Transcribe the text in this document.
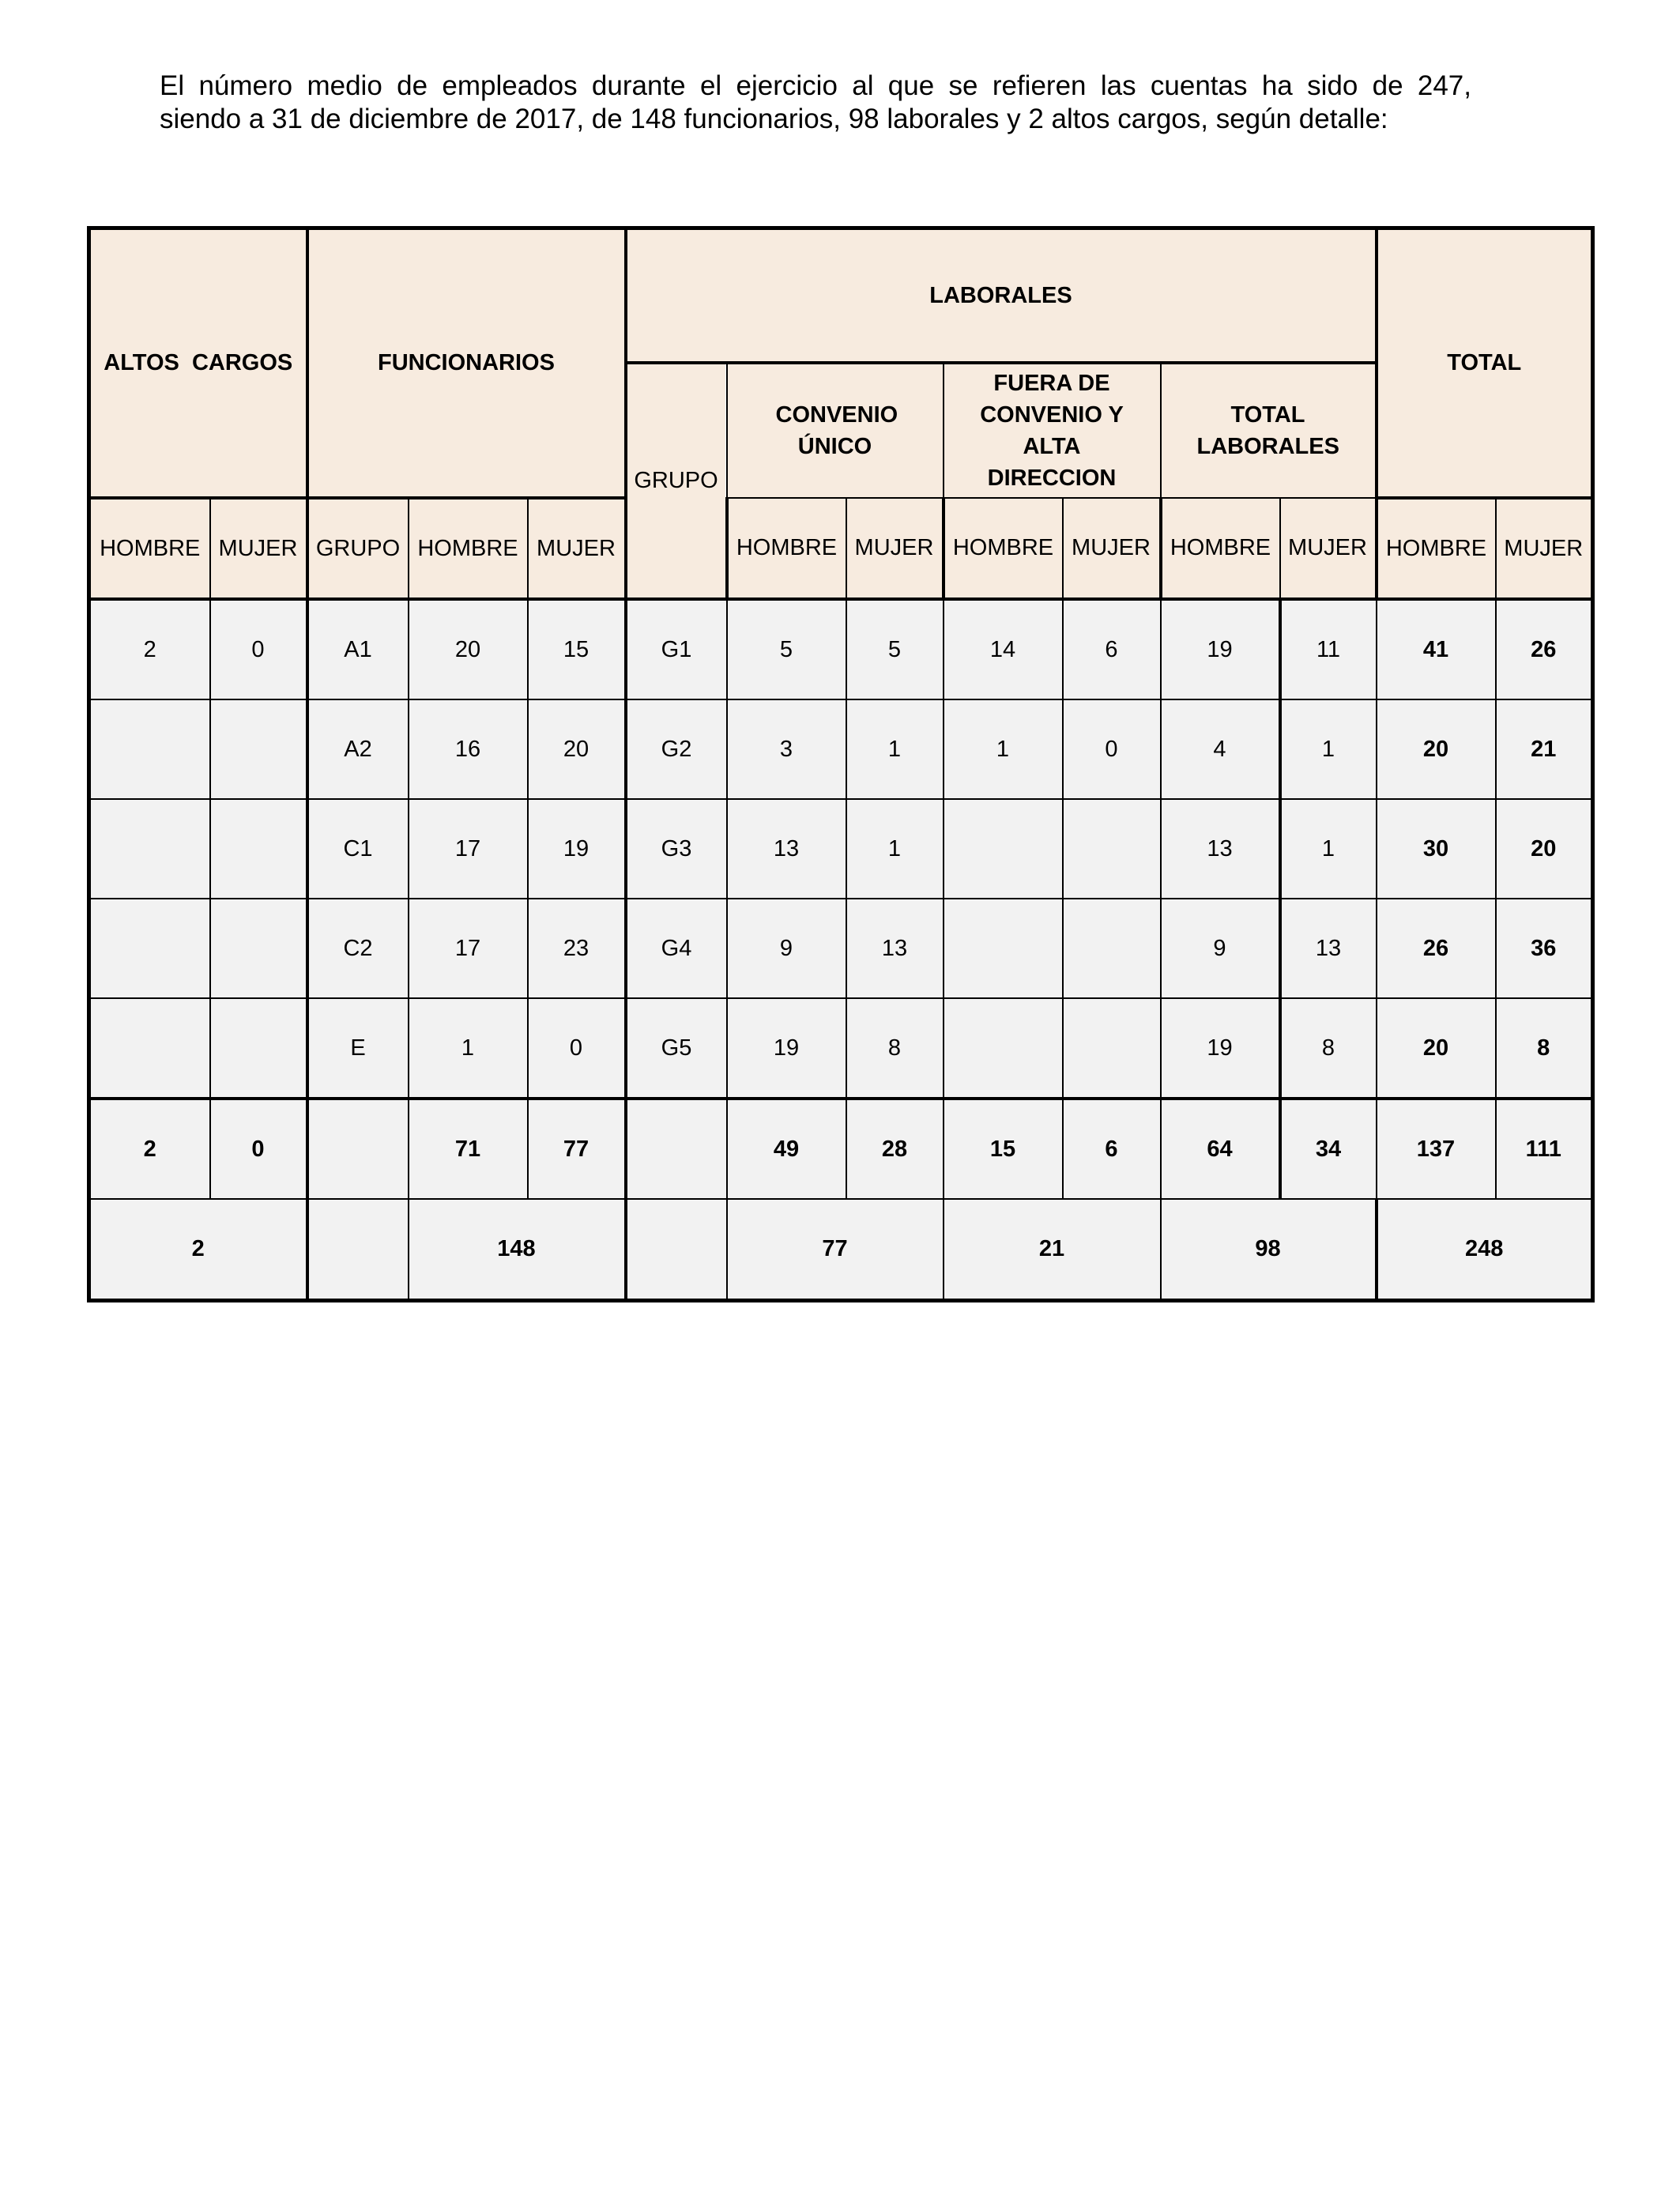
El número medio de empleados durante el ejercicio al que se refieren las cuentas ha sido de 247,
siendo a 31 de diciembre de 2017, de 148 funcionarios, 98 laborales y 2 altos cargos, según detalle:

ALTOS  CARGOS		FUNCIONARIOS			LABORALES							TOTAL	
					GRUPO	CONVENIO ÚNICO		FUERA DE CONVENIO Y ALTA DIRECCION		TOTAL LABORALES			

HOMBRE	MUJER	GRUPO	HOMBRE	MUJER		HOMBRE	MUJER	HOMBRE	MUJER	HOMBRE	MUJER	HOMBRE	MUJER
2	0	A1	20	15	G1	5	5	14	6	19	11	41	26
		A2	16	20	G2	3	1	1	0	4	1	20	21
		C1	17	19	G3	13	1			13	1	30	20
		C2	17	23	G4	9	13			9	13	26	36
		E	1	0	G5	19	8			19	8	20	8
2	0		71	77		49	28	15	6	64	34	137	111
2			148			77		21		98		248	
